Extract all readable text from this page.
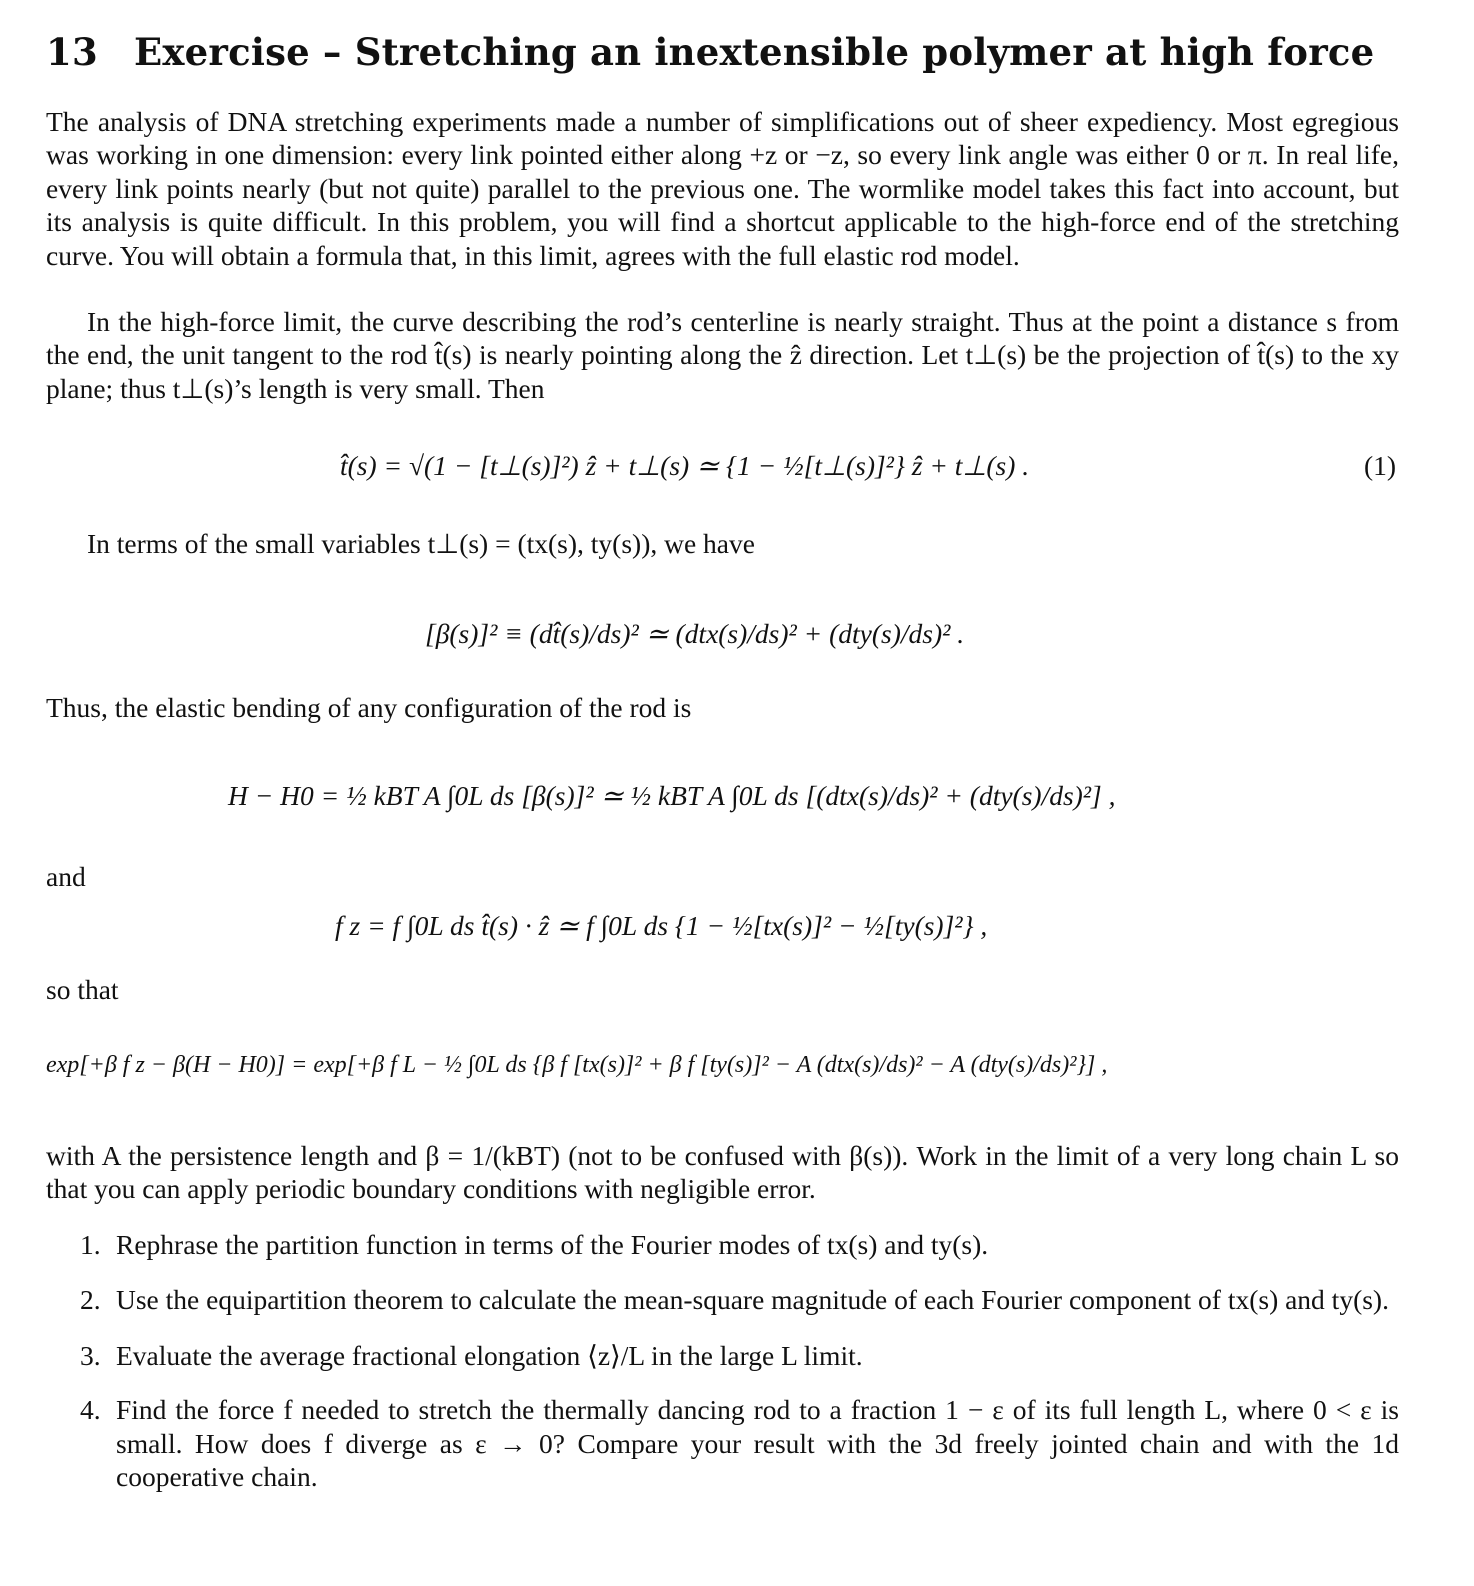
13 Exercise – Stretching an inextensible polymer at high force

The analysis of DNA stretching experiments made a number of simplifications out of sheer expediency. Most egregious was working in one dimension: every link pointed either along +z or −z, so every link angle was either 0 or π. In real life, every link points nearly (but not quite) parallel to the previous one. The wormlike model takes this fact into account, but its analysis is quite difficult. In this problem, you will find a shortcut applicable to the high-force end of the stretching curve. You will obtain a formula that, in this limit, agrees with the full elastic rod model.

In the high-force limit, the curve describing the rod’s centerline is nearly straight. Thus at the point a distance s from the end, the unit tangent to the rod t̂(s) is nearly pointing along the ẑ direction. Let t⊥(s) be the projection of t̂(s) to the xy plane; thus t⊥(s)’s length is very small. Then

t̂(s) = √(1 − [t⊥(s)]²) ẑ + t⊥(s) ≃ {1 − ½[t⊥(s)]²} ẑ + t⊥(s) .	(1)

In terms of the small variables t⊥(s) = (tx(s), ty(s)), we have

[β(s)]² ≡ (dt̂(s)/ds)² ≃ (dtx(s)/ds)² + (dty(s)/ds)² .

Thus, the elastic bending of any configuration of the rod is

H − H0 = ½ kBT A ∫0L ds [β(s)]² ≃ ½ kBT A ∫0L ds [(dtx(s)/ds)² + (dty(s)/ds)²] ,

and

f z = f ∫0L ds t̂(s) · ẑ ≃ f ∫0L ds {1 − ½[tx(s)]² − ½[ty(s)]²} ,

so that

exp[+β f z − β(H − H0)] = exp[+β f L − ½ ∫0L ds {β f [tx(s)]² + β f [ty(s)]² − A (dtx(s)/ds)² − A (dty(s)/ds)²}] ,

with A the persistence length and β = 1/(kBT) (not to be confused with β(s)). Work in the limit of a very long chain L so that you can apply periodic boundary conditions with negligible error.

1. Rephrase the partition function in terms of the Fourier modes of tx(s) and ty(s).
2. Use the equipartition theorem to calculate the mean-square magnitude of each Fourier component of tx(s) and ty(s).
3. Evaluate the average fractional elongation ⟨z⟩/L in the large L limit.
4. Find the force f needed to stretch the thermally dancing rod to a fraction 1 − ε of its full length L, where 0 < ε is small. How does f diverge as ε → 0? Compare your result with the 3d freely jointed chain and with the 1d cooperative chain.
